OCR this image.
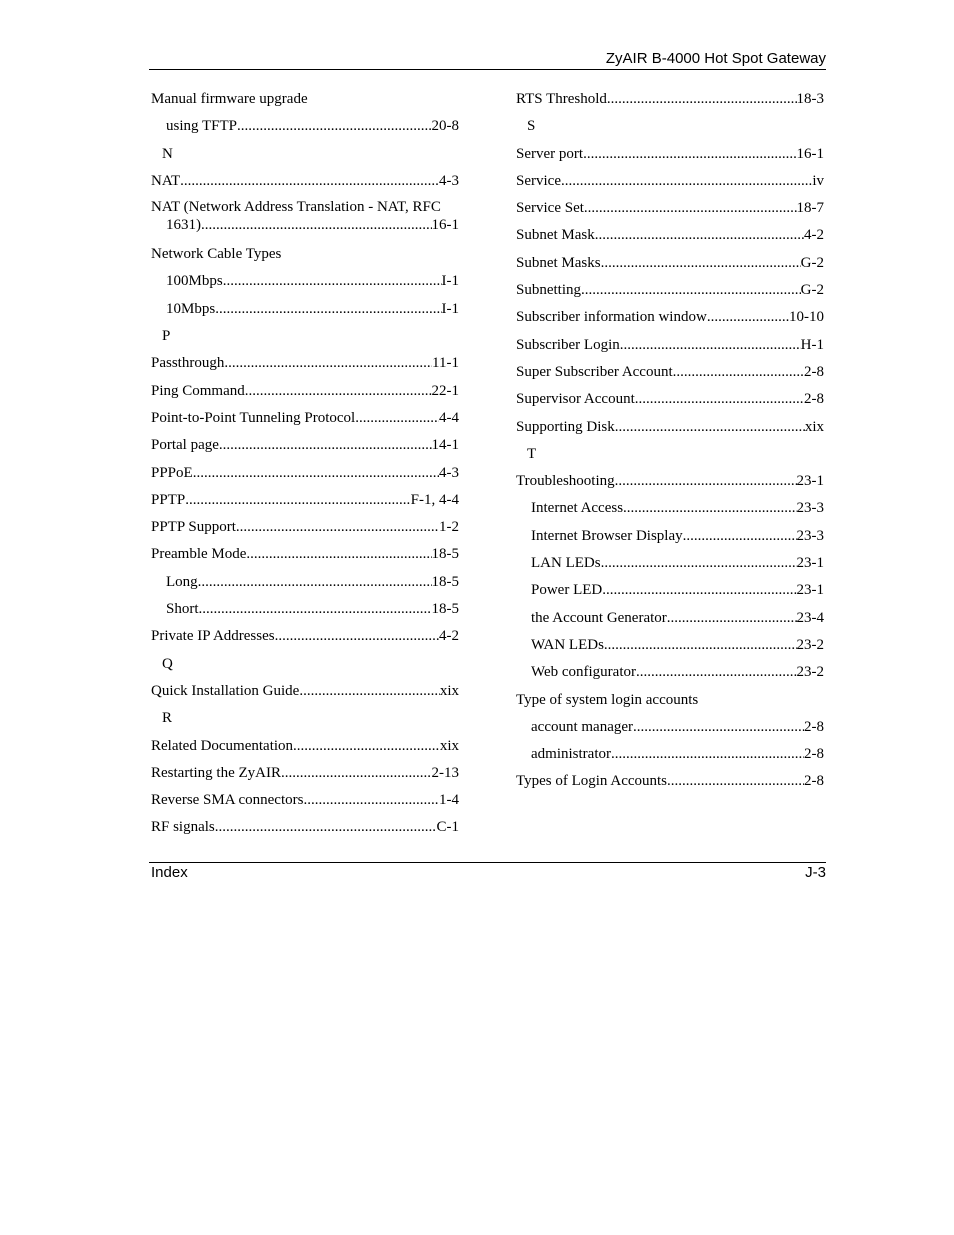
ZyAIR B-4000 Hot Spot Gateway
Manual firmware upgrade
using TFTP .....	20-8
N
NAT .....	4-3
NAT (Network Address Translation - NAT, RFC
1631) .....	16-1
Network Cable Types
100Mbps .....	I-1
10Mbps .....	I-1
P
Passthrough .....	11-1
Ping Command .....	22-1
Point-to-Point Tunneling Protocol .....	4-4
Portal page .....	14-1
PPPoE .....	4-3
PPTP .....	F-1, 4-4
PPTP Support .....	1-2
Preamble Mode .....	18-5
Long .....	18-5
Short .....	18-5
Private IP Addresses .....	4-2
Q
Quick Installation Guide .....	xix
R
Related Documentation .....	xix
Restarting the ZyAIR .....	2-13
Reverse SMA connectors .....	1-4
RF signals .....	C-1
RTS Threshold .....	18-3
S
Server port .....	16-1
Service .....	iv
Service Set .....	18-7
Subnet Mask .....	4-2
Subnet Masks .....	G-2
Subnetting .....	G-2
Subscriber information window .....	10-10
Subscriber Login .....	H-1
Super Subscriber Account .....	2-8
Supervisor Account .....	2-8
Supporting Disk .....	xix
T
Troubleshooting .....	23-1
Internet Access .....	23-3
Internet Browser Display .....	23-3
LAN LEDs .....	23-1
Power LED .....	23-1
the Account Generator .....	23-4
WAN LEDs .....	23-2
Web configurator .....	23-2
Type of system login accounts
account manager .....	2-8
administrator .....	2-8
Types of Login Accounts .....	2-8
Index	J-3
